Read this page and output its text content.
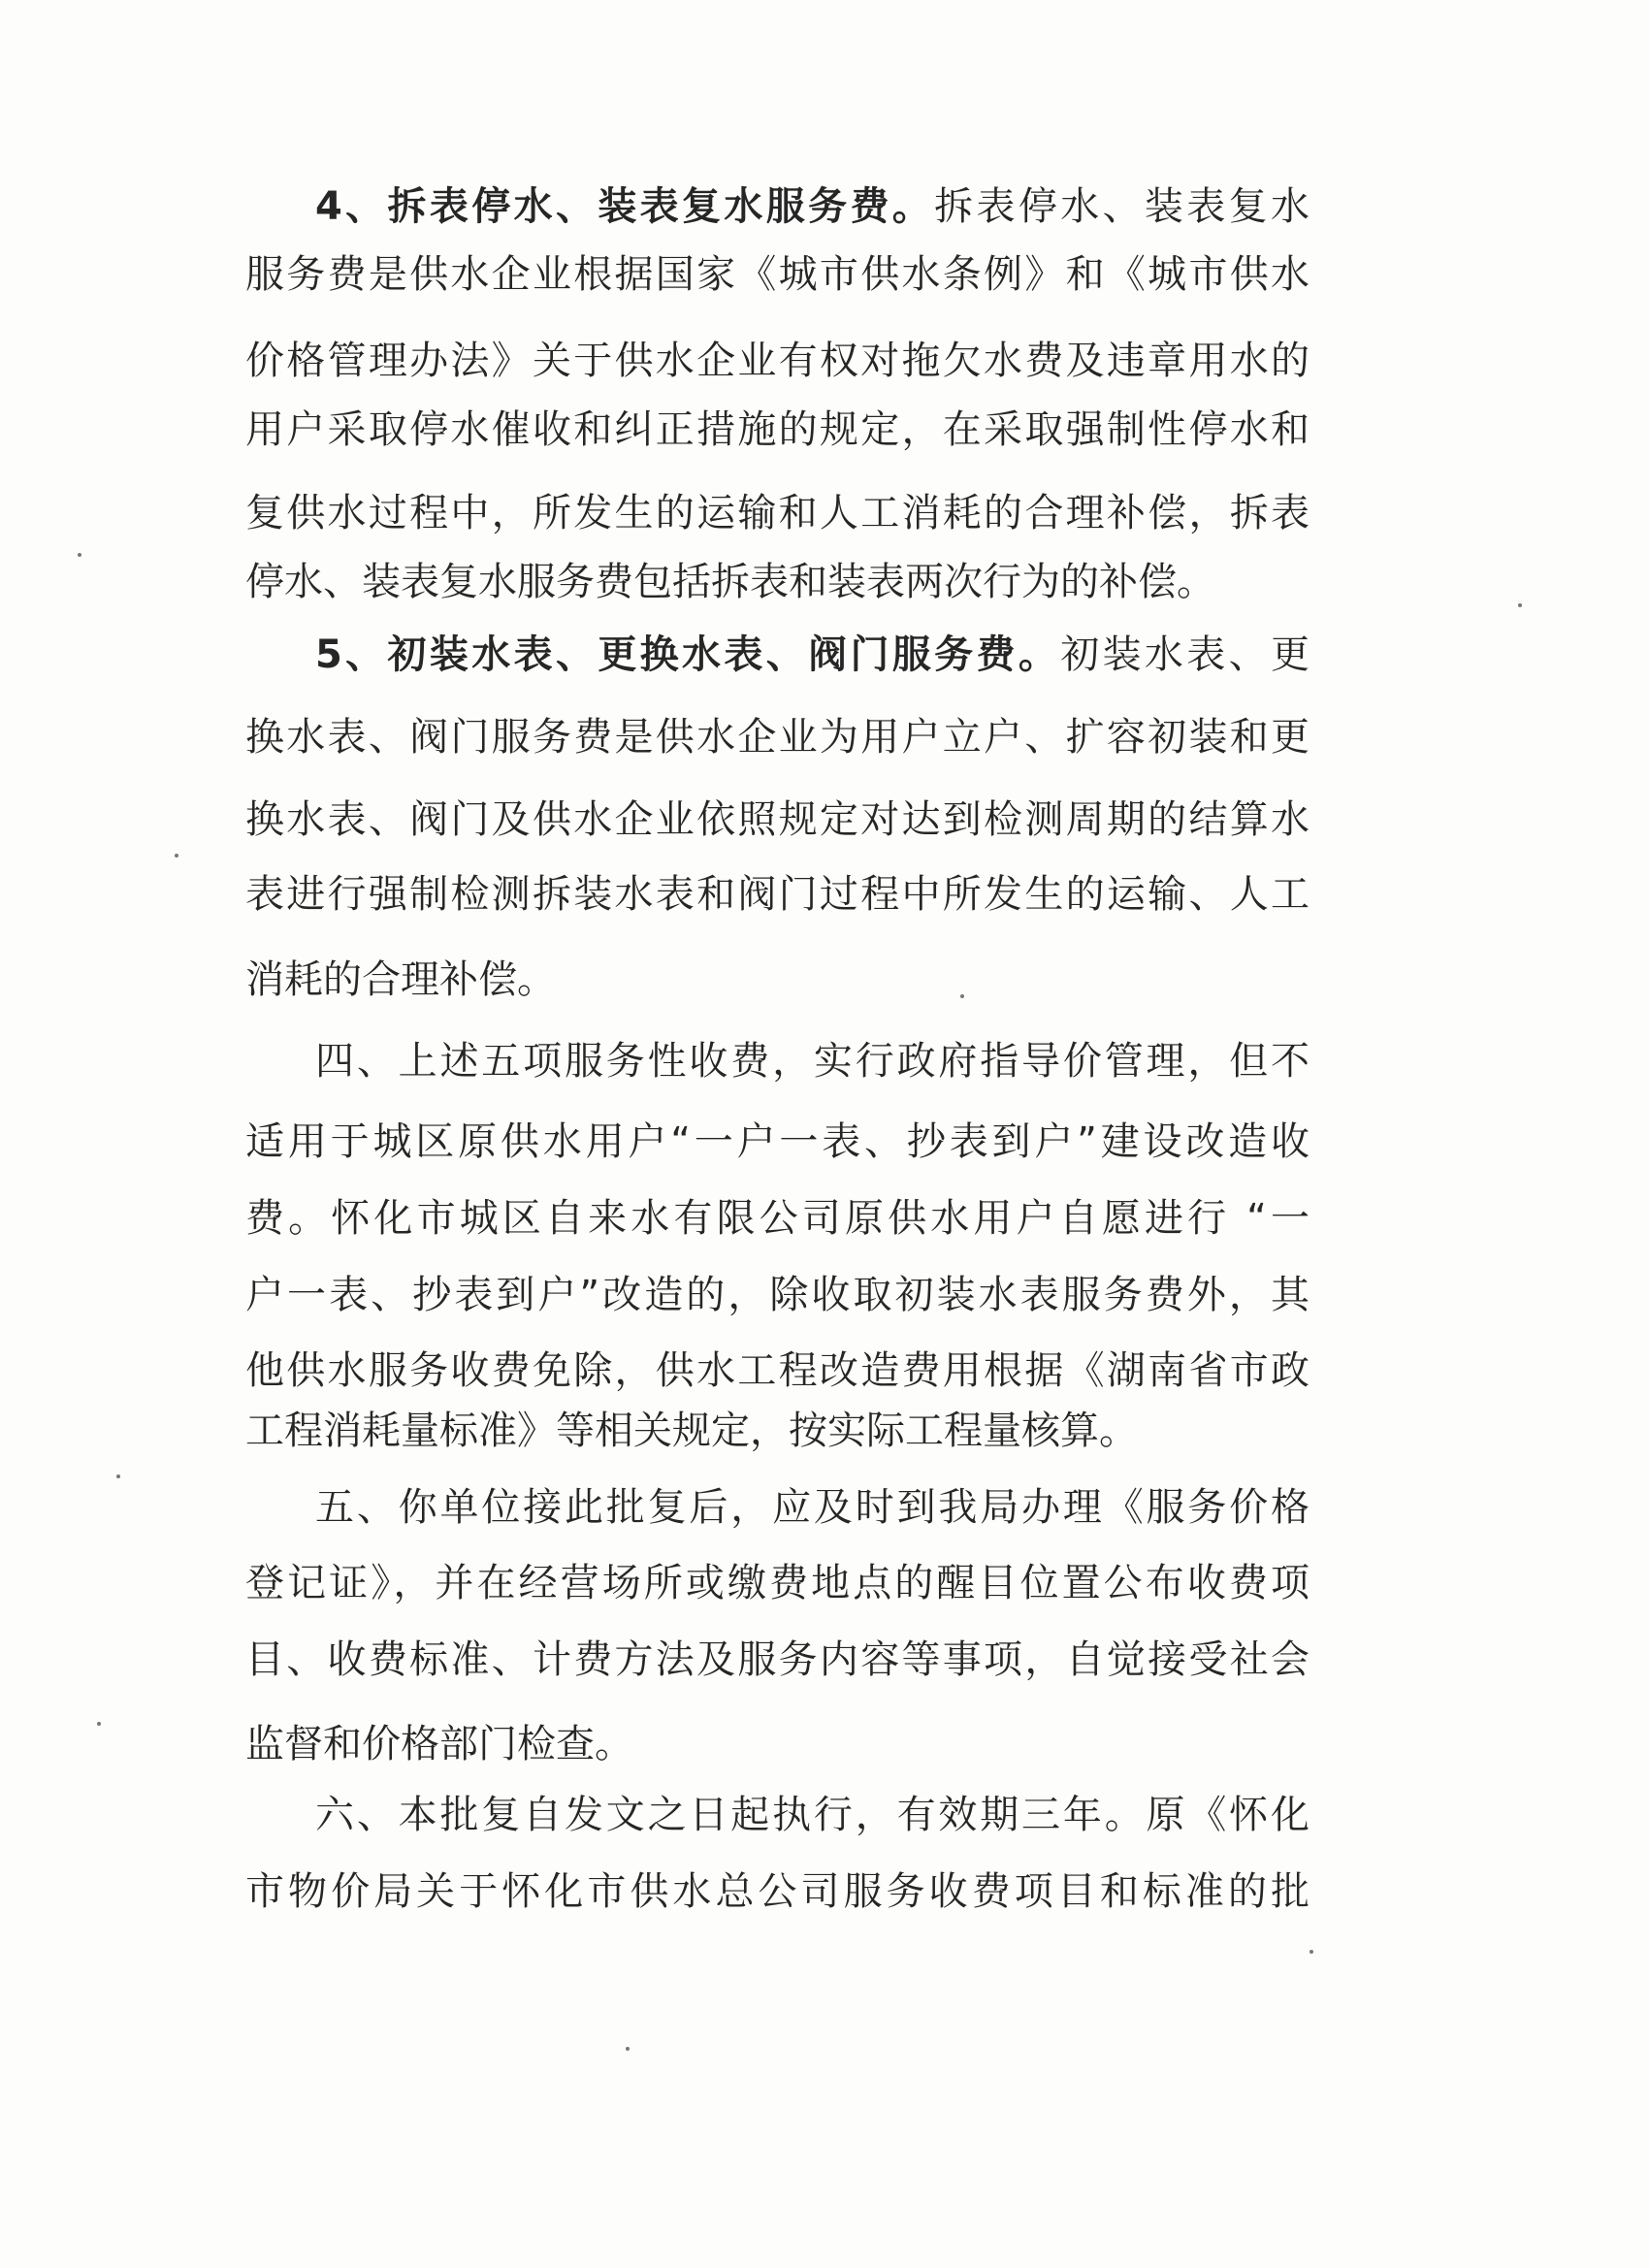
4、拆表停水、装表复水服务费。拆表停水、装表复水
服务费是供水企业根据国家《城市供水条例》和《城市供水
价格管理办法》关于供水企业有权对拖欠水费及违章用水的
用户采取停水催收和纠正措施的规定，在采取强制性停水和
复供水过程中，所发生的运输和人工消耗的合理补偿，拆表
停水、装表复水服务费包括拆表和装表两次行为的补偿。
5、初装水表、更换水表、阀门服务费。初装水表、更
换水表、阀门服务费是供水企业为用户立户、扩容初装和更
换水表、阀门及供水企业依照规定对达到检测周期的结算水
表进行强制检测拆装水表和阀门过程中所发生的运输、人工
消耗的合理补偿。
四、上述五项服务性收费，实行政府指导价管理，但不
适用于城区原供水用户“一户一表、抄表到户”建设改造收
费。怀化市城区自来水有限公司原供水用户自愿进行 “一
户一表、抄表到户”改造的，除收取初装水表服务费外，其
他供水服务收费免除，供水工程改造费用根据《湖南省市政
工程消耗量标准》等相关规定，按实际工程量核算。
五、你单位接此批复后，应及时到我局办理《服务价格
登记证》，并在经营场所或缴费地点的醒目位置公布收费项
目、收费标准、计费方法及服务内容等事项，自觉接受社会
监督和价格部门检查。
六、本批复自发文之日起执行，有效期三年。原《怀化
市物价局关于怀化市供水总公司服务收费项目和标准的批
